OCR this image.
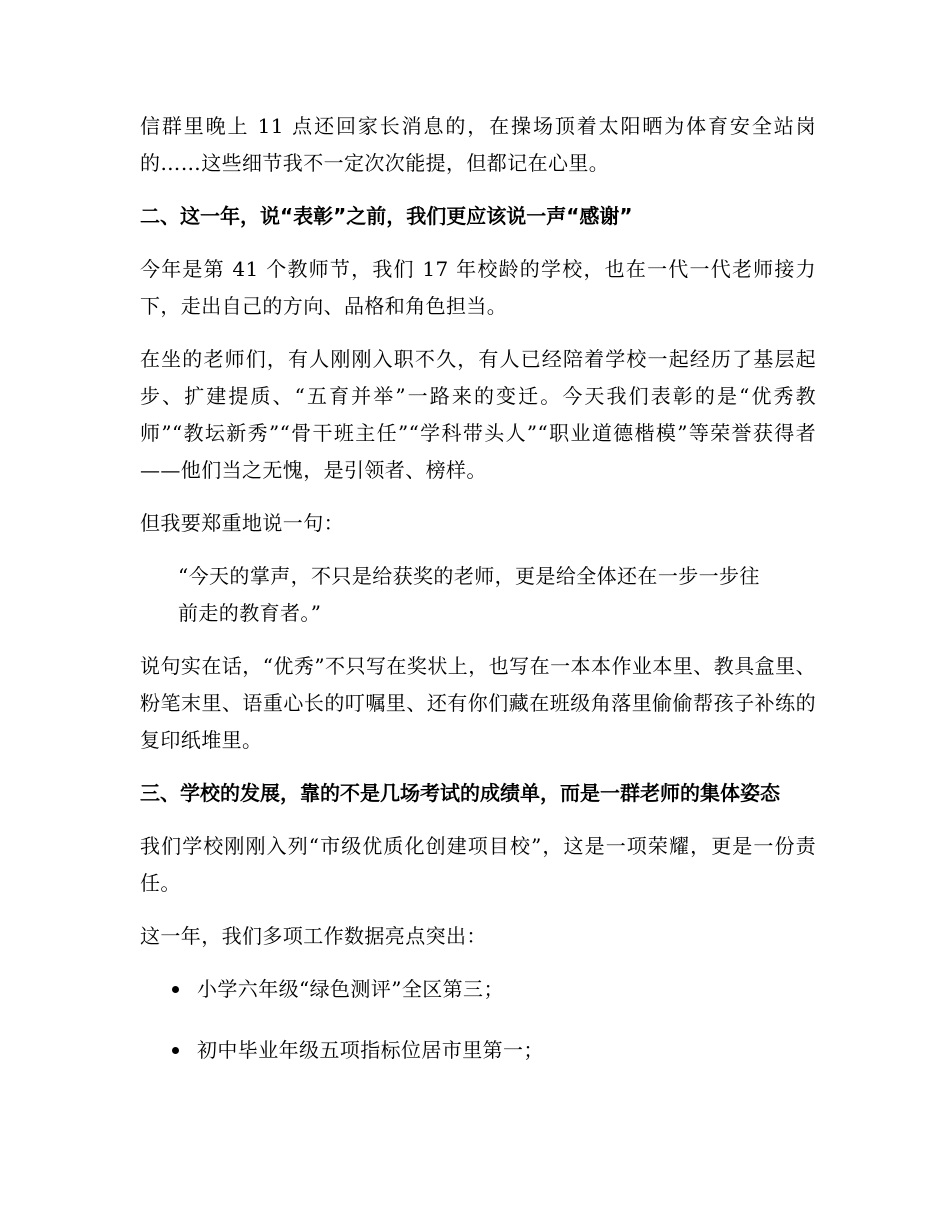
信群里晚上 11 点还回家长消息的，在操场顶着太阳晒为体育安全站岗的……这些细节我不一定次次能提，但都记在心里。

二、这一年，说“表彰”之前，我们更应该说一声“感谢”

今年是第 41 个教师节，我们 17 年校龄的学校，也在一代一代老师接力下，走出自己的方向、品格和角色担当。

在坐的老师们，有人刚刚入职不久，有人已经陪着学校一起经历了基层起步、扩建提质、“五育并举”一路来的变迁。今天我们表彰的是“优秀教师”“教坛新秀”“骨干班主任”“学科带头人”“职业道德楷模”等荣誉获得者——他们当之无愧，是引领者、榜样。

但我要郑重地说一句：

“今天的掌声，不只是给获奖的老师，更是给全体还在一步一步往前走的教育者。”

说句实在话，“优秀”不只写在奖状上，也写在一本本作业本里、教具盒里、粉笔末里、语重心长的叮嘱里、还有你们藏在班级角落里偷偷帮孩子补练的复印纸堆里。

三、学校的发展，靠的不是几场考试的成绩单，而是一群老师的集体姿态

我们学校刚刚入列“市级优质化创建项目校”，这是一项荣耀，更是一份责任。

这一年，我们多项工作数据亮点突出：

小学六年级“绿色测评”全区第三；
初中毕业年级五项指标位居市里第一；
